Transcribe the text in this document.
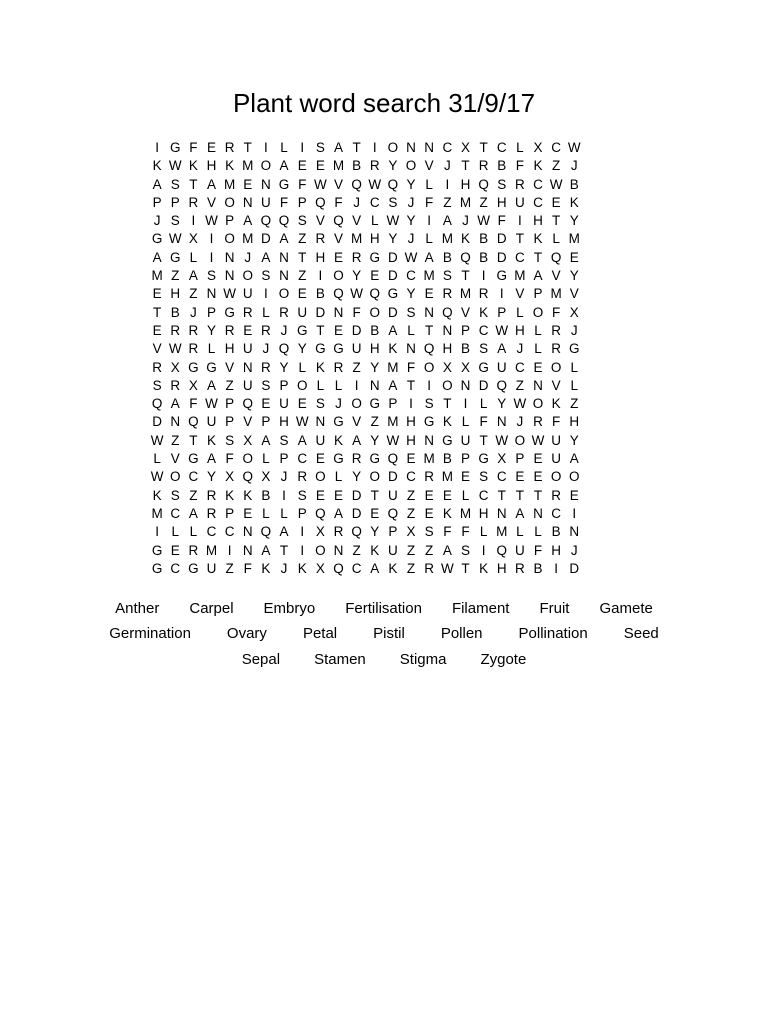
Plant word search 31/9/17
I G F E R T I L I S A T I O N N C X T C L X C W
K W K H K M O A E E M B R Y O V J T R B F K Z J
A S T A M E N G F W V Q W Q Y L I H Q S R C W B
P P R V O N U F P Q F J C S J F Z M Z H U C E K
J S I W P A Q Q S V Q V L W Y I A J W F I H T Y
G W X I O M D A Z R V M H Y J L M K B D T K L M
A G L I N J A N T H E R G D W A B Q B D C T Q E
M Z A S N O S N Z I O Y E D C M S T I G M A V Y
E H Z N W U I O E B Q W Q G Y E R M R I V P M V
T B J P G R L R U D N F O D S N Q V K P L O F X
E R R Y R E R J G T E D B A L T N P C W H L R J
V W R L H U J Q Y G G U H K N Q H B S A J L R G
R X G G V N R Y L K R Z Y M F O X X G U C E O L
S R X A Z U S P O L L I N A T I O N D Q Z N V L
Q A F W P Q E U E S J O G P I S T I L Y W O K Z
D N Q U P V P H W N G V Z M H G K L F N J R F H
W Z T K S X A S A U K A Y W H N G U T W O W U Y
L V G A F O L P C E G R G Q E M B P G X P E U A
W O C Y X Q X J R O L Y O D C R M E S C E E O O
K S Z R K K B I S E E D T U Z E E L C T T T R E
M C A R P E L L P Q A D E Q Z E K M H N A N C I
I L L C C N Q A I X R Q Y P X S F F L M L L B N
G E R M I N A T I O N Z K U Z Z A S I Q U F H J
G C G U Z F K J K X Q C A K Z R W T K H R B I D
Anther Carpel Embryo Fertilisation Filament Fruit Gamete
Germination Ovary Petal Pistil Pollen Pollination Seed
Sepal Stamen Stigma Zygote
